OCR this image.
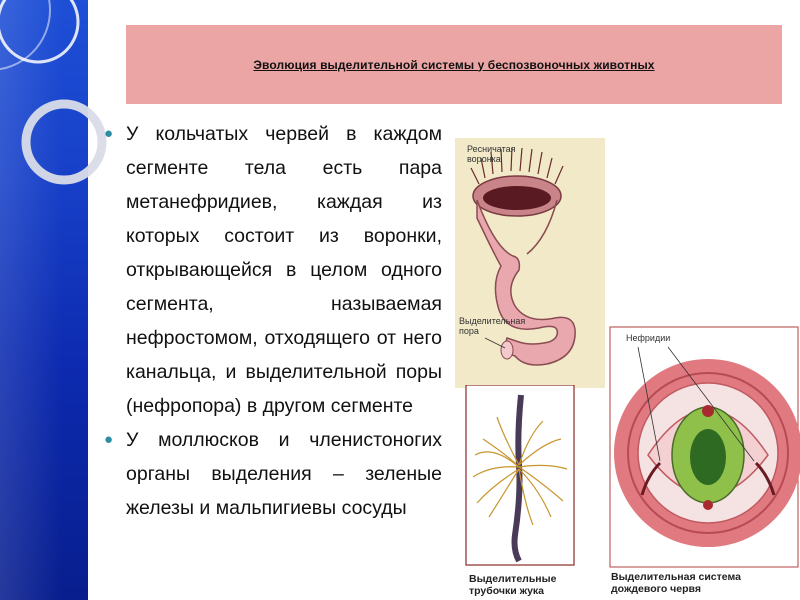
Эволюция выделительной системы у беспозвоночных животных
● У кольчатых червей в каждом сегменте тела есть пара метанефридиев, каждая из которых состоит из воронки, открывающейся в целом одного сегмента, называемая нефростомом, отходящего от него канальца, и выделительной поры (нефропора) в другом сегменте
● У моллюсков и членистоногих органы выделения – зеленые железы и мальпигиевы сосуды
Ресничатая
воронка
Выделительная
пора
Выделительные
трубочки жука
Нефридии
Выделительная система
дождевого червя
